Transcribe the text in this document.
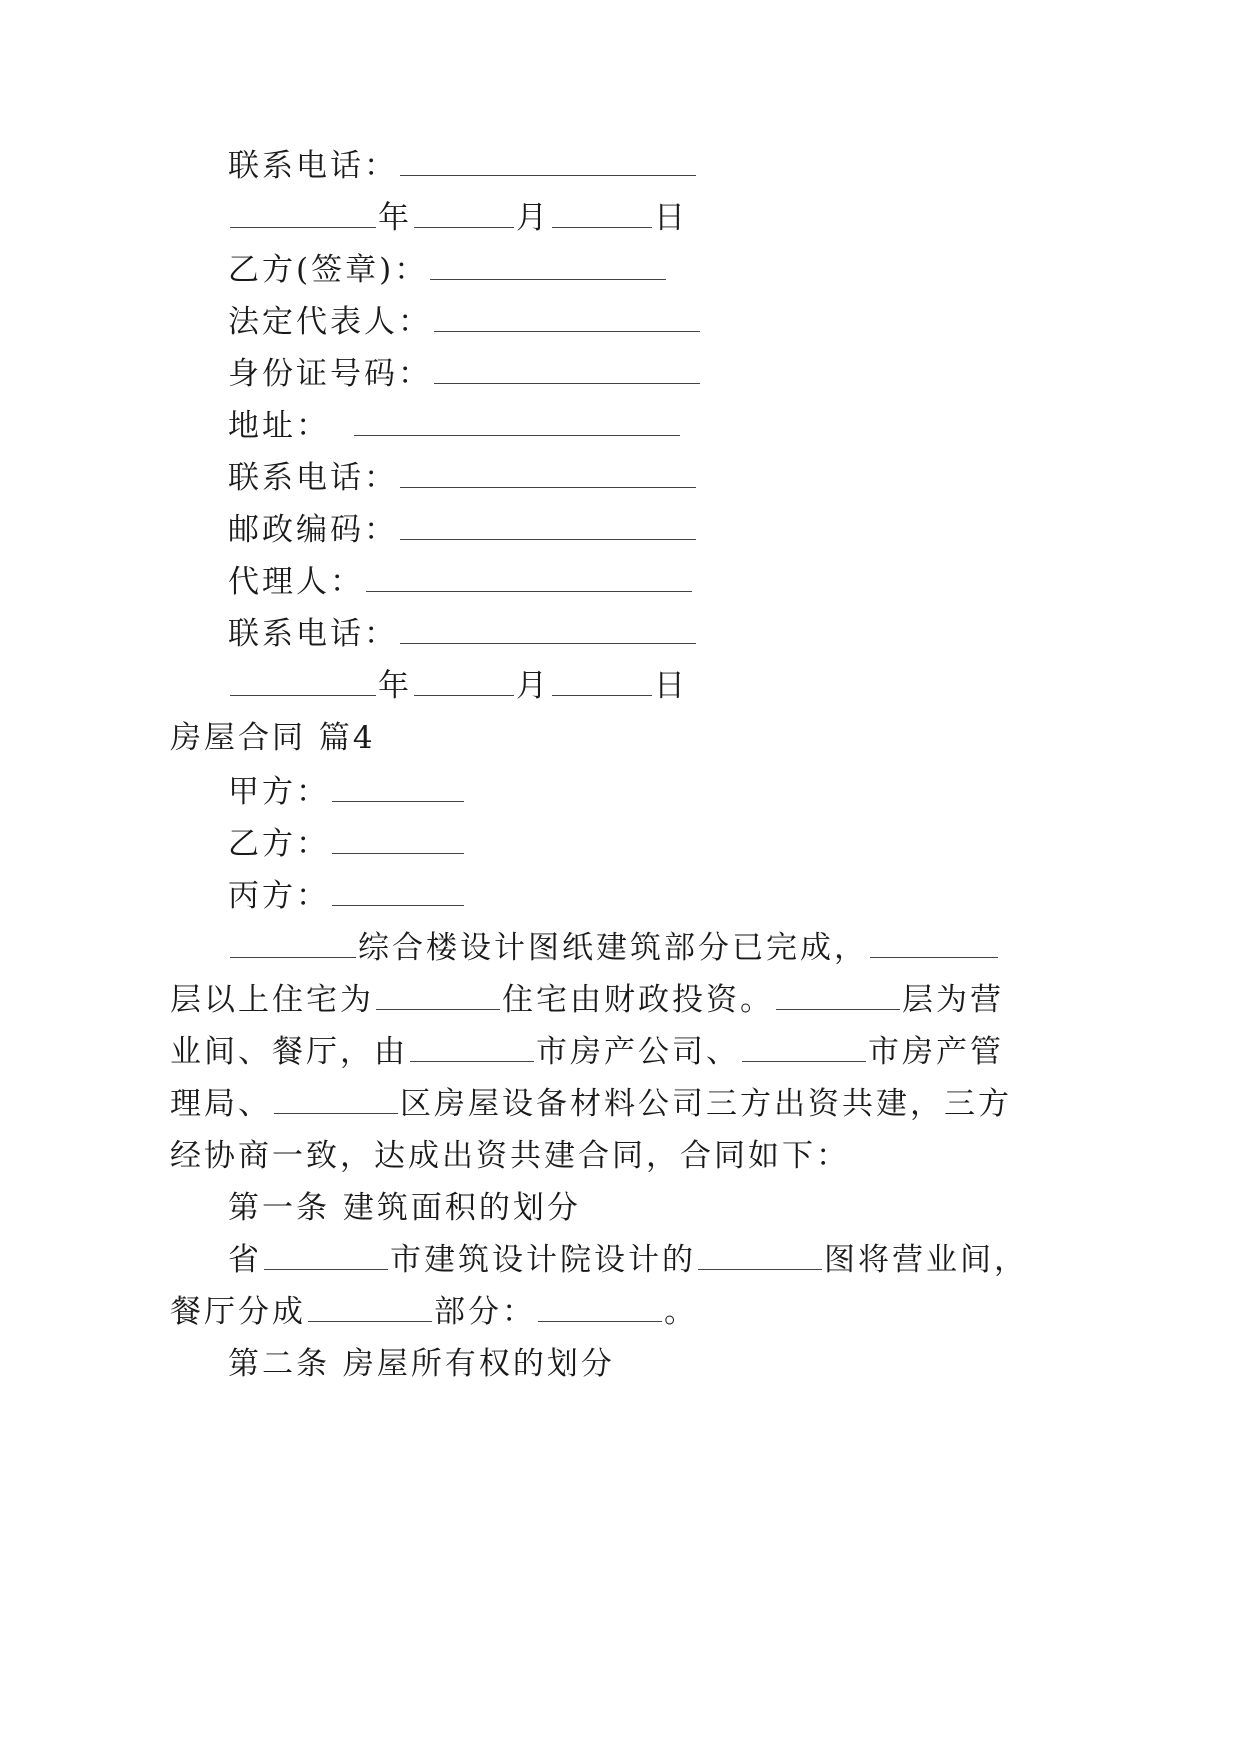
联系电话：
年	月	日
乙方(签章)：
法定代表人：
身份证号码：
地址：
联系电话：
邮政编码：
代理人：
联系电话：
年	月	日
房屋合同 篇4
甲方：
乙方：
丙方：
综合楼设计图纸建筑部分已完成，
层以上住宅为	住宅由财政投资。	层为营
业间、餐厅，由	市房产公司、	市房产管
理局、	区房屋设备材料公司三方出资共建，三方
经协商一致，达成出资共建合同，合同如下：
第一条 建筑面积的划分
省	市建筑设计院设计的	图将营业间，
餐厅分成	部分：	。
第二条 房屋所有权的划分
